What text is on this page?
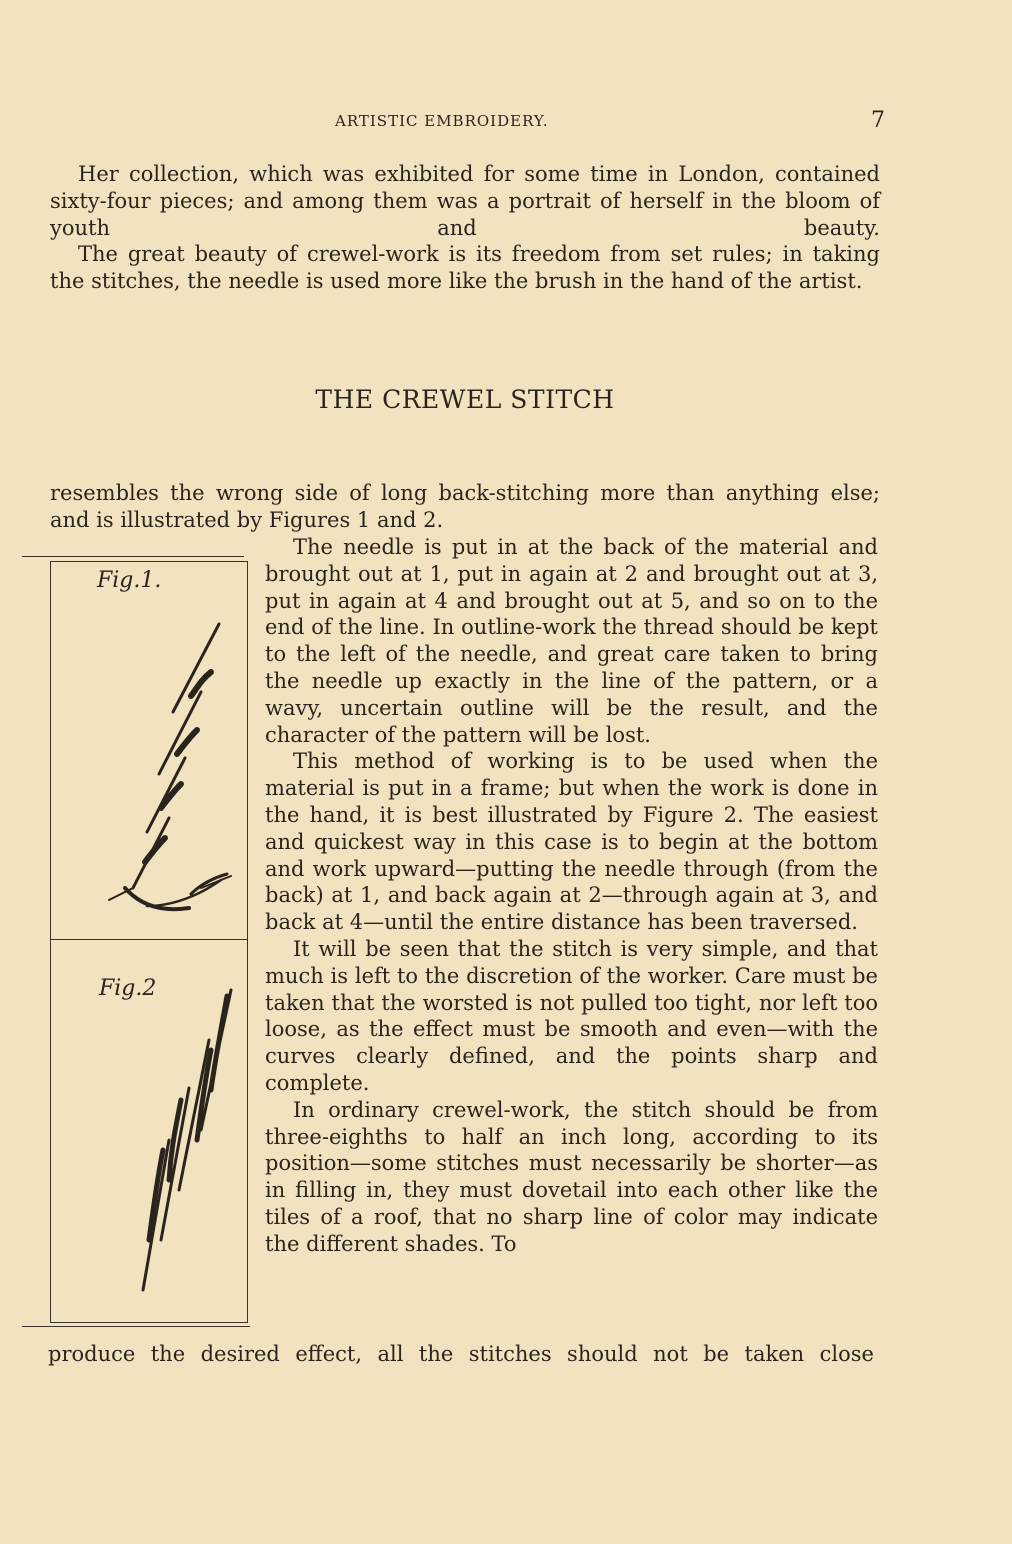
ARTISTIC EMBROIDERY.	7

Her collection, which was exhibited for some time in London, contained sixty-four pieces; and among them was a portrait of herself in the bloom of youth and beauty.

The great beauty of crewel-work is its freedom from set rules; in taking the stitches, the needle is used more like the brush in the hand of the artist.

THE CREWEL STITCH

resembles the wrong side of long back-stitching more than anything else; and is illustrated by Figures 1 and 2.

Fig.1.
Fig.2

The needle is put in at the back of the material and brought out at 1, put in again at 2 and brought out at 3, put in again at 4 and brought out at 5, and so on to the end of the line. In outline-work the thread should be kept to the left of the needle, and great care taken to bring the needle up exactly in the line of the pattern, or a wavy, uncertain outline will be the result, and the character of the pattern will be lost.

This method of working is to be used when the material is put in a frame; but when the work is done in the hand, it is best illustrated by Figure 2. The easiest and quickest way in this case is to begin at the bottom and work upward—putting the needle through (from the back) at 1, and back again at 2—through again at 3, and back at 4—until the entire distance has been traversed.

It will be seen that the stitch is very simple, and that much is left to the discretion of the worker. Care must be taken that the worsted is not pulled too tight, nor left too loose, as the effect must be smooth and even—with the curves clearly defined, and the points sharp and complete.

In ordinary crewel-work, the stitch should be from three-eighths to half an inch long, according to its position—some stitches must necessarily be shorter—as in filling in, they must dovetail into each other like the tiles of a roof, that no sharp line of color may indicate the different shades. To

produce the desired effect, all the stitches should not be taken close
